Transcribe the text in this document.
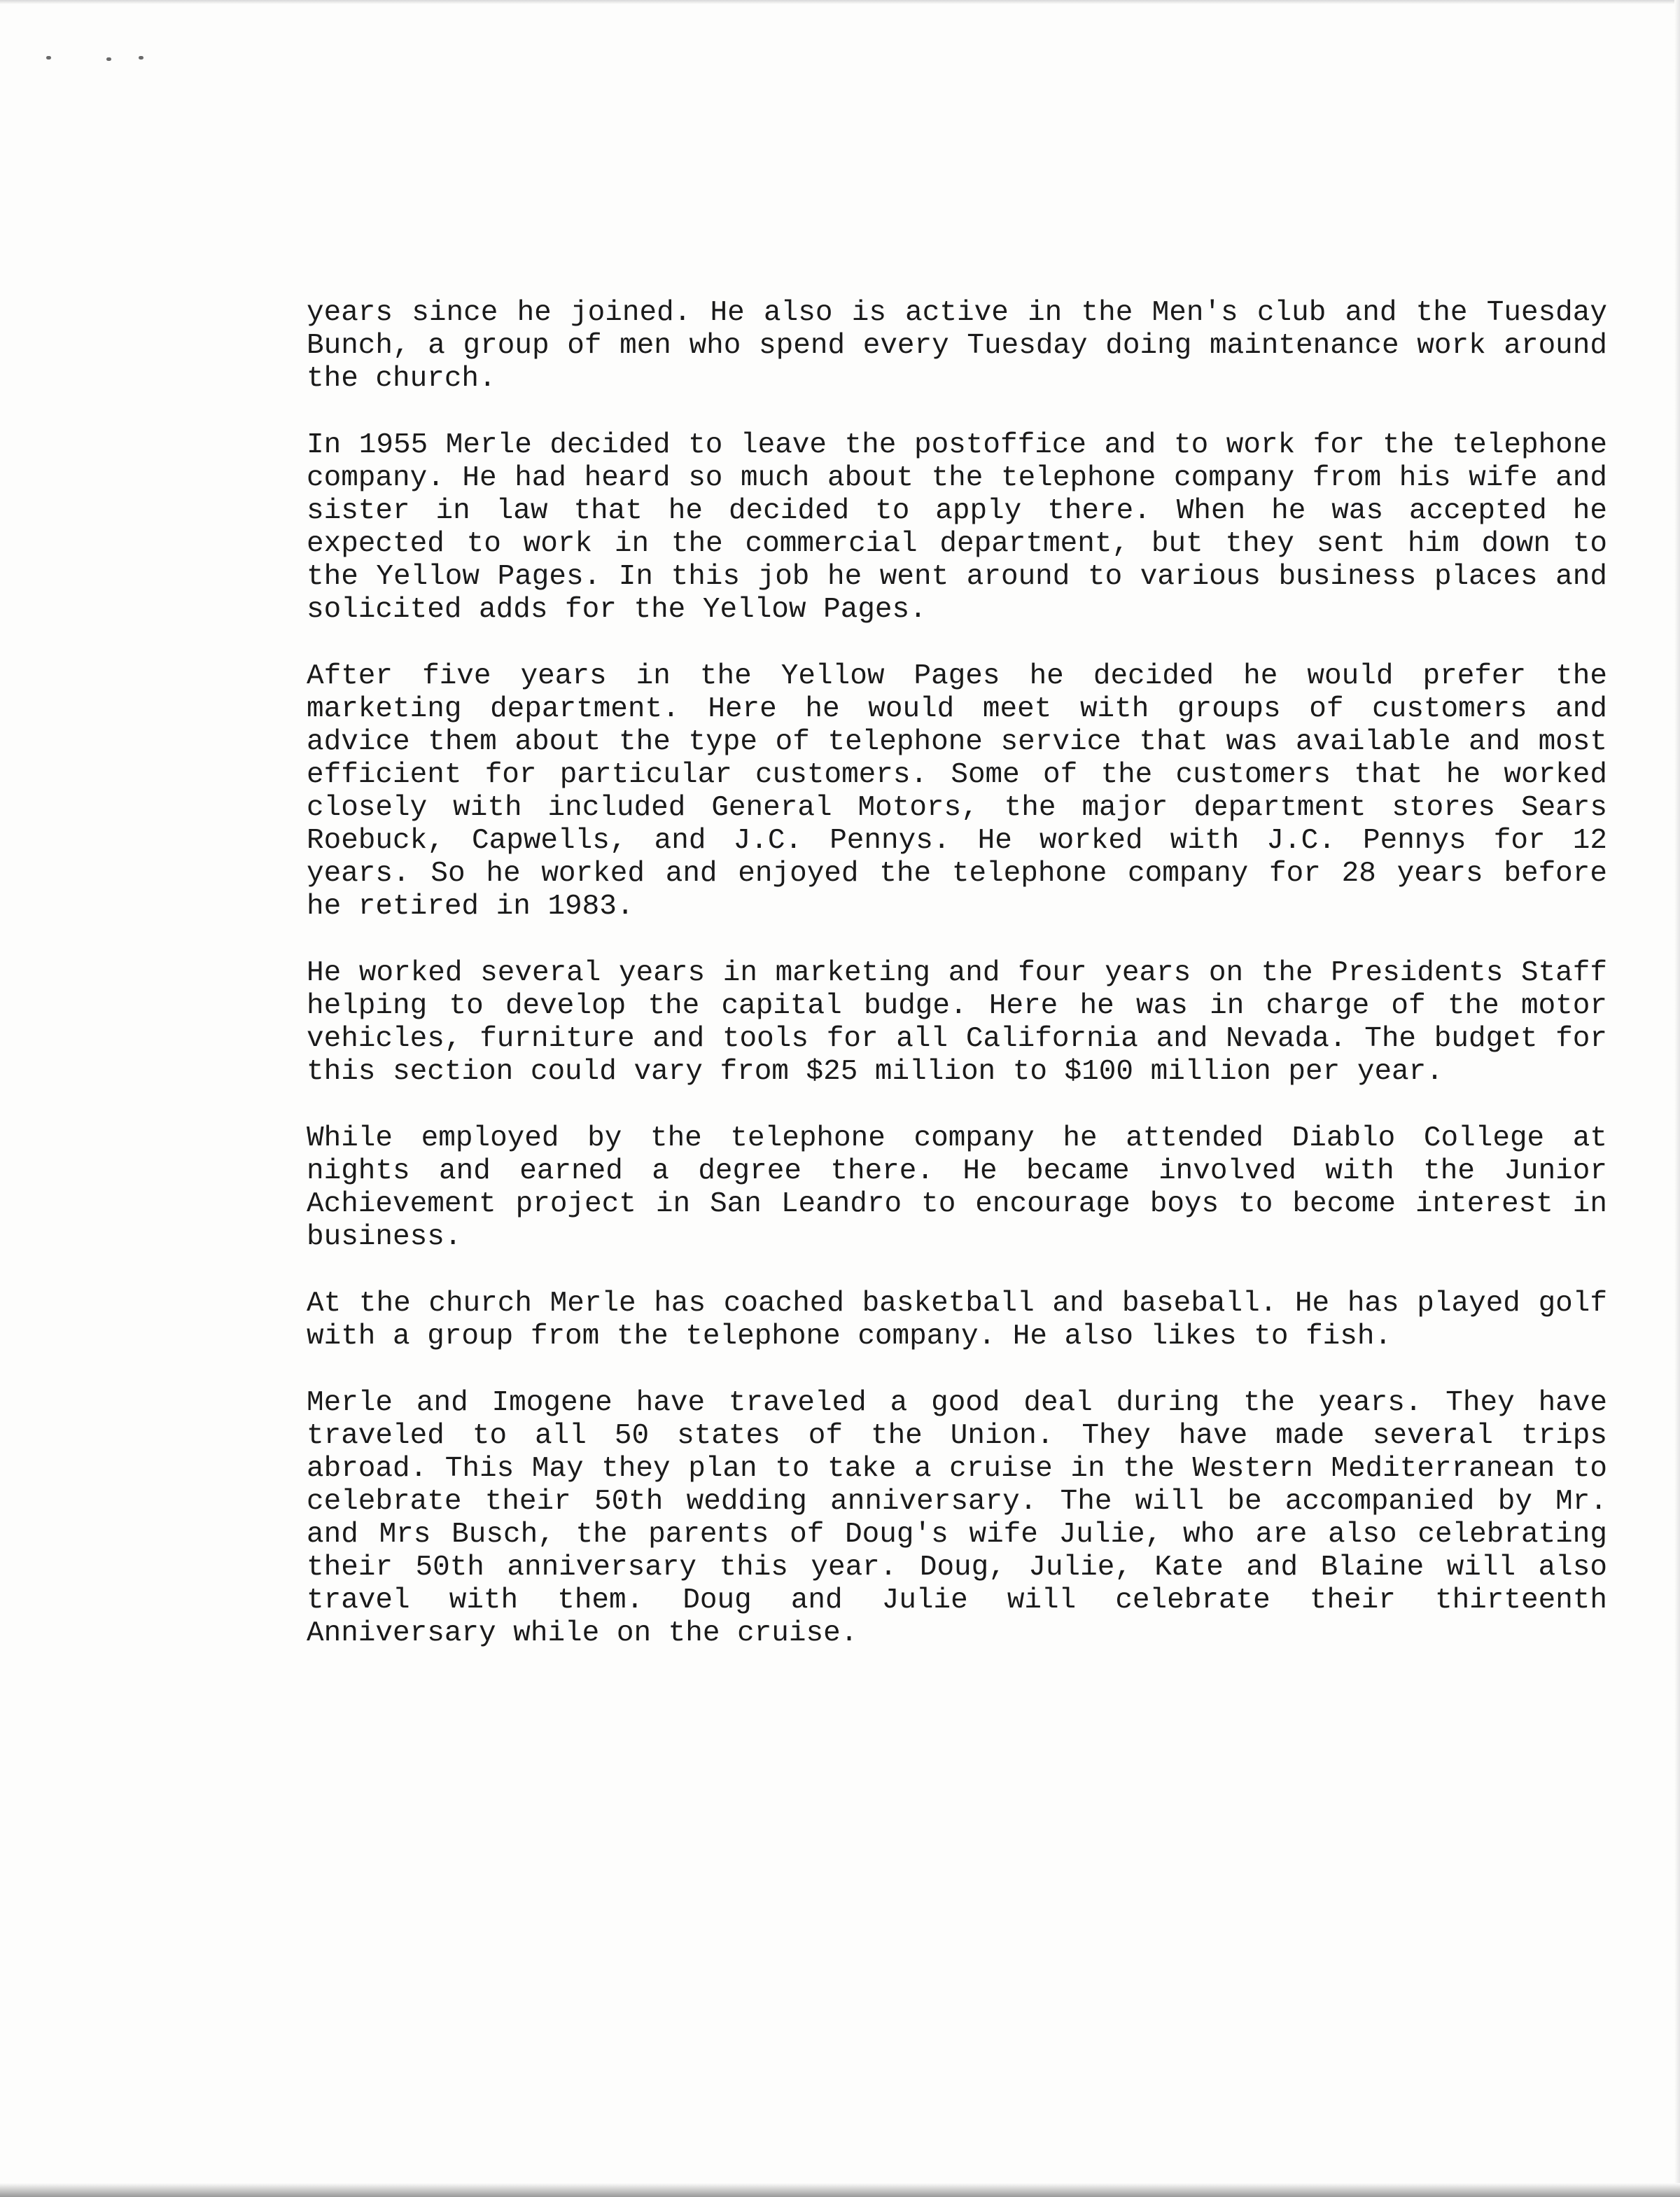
years since he joined. He also is active in the Men's club and the Tuesday Bunch, a group of men who spend every Tuesday doing maintenance work around the church.

In 1955 Merle decided to leave the postoffice and to work for the telephone company. He had heard so much about the telephone company from his wife and sister in law that he decided to apply there. When he was accepted he expected to work in the commercial department, but they sent him down to the Yellow Pages. In this job he went around to various business places and solicited adds for the Yellow Pages.

After five years in the Yellow Pages he decided he would prefer the marketing department. Here he would meet with groups of customers and advice them about the type of telephone service that was available and most efficient for particular customers. Some of the customers that he worked closely with included General Motors, the major department stores Sears Roebuck, Capwells, and J.C. Pennys. He worked with J.C. Pennys for 12 years. So he worked and enjoyed the telephone company for 28 years before he retired in 1983.

He worked several years in marketing and four years on the Presidents Staff helping to develop the capital budge. Here he was in charge of the motor vehicles, furniture and tools for all California and Nevada. The budget for this section could vary from $25 million to $100 million per year.

While employed by the telephone company he attended Diablo College at nights and earned a degree there. He became involved with the Junior Achievement project in San Leandro to encourage boys to become interest in business.

At the church Merle has coached basketball and baseball. He has played golf with a group from the telephone company. He also likes to fish.

Merle and Imogene have traveled a good deal during the years. They have traveled to all 50 states of the Union. They have made several trips abroad. This May they plan to take a cruise in the Western Mediterranean to celebrate their 50th wedding anniversary. The will be accompanied by Mr. and Mrs Busch, the parents of Doug's wife Julie, who are also celebrating their 50th anniversary this year. Doug, Julie, Kate and Blaine will also travel with them. Doug and Julie will celebrate their thirteenth Anniversary while on the cruise.
